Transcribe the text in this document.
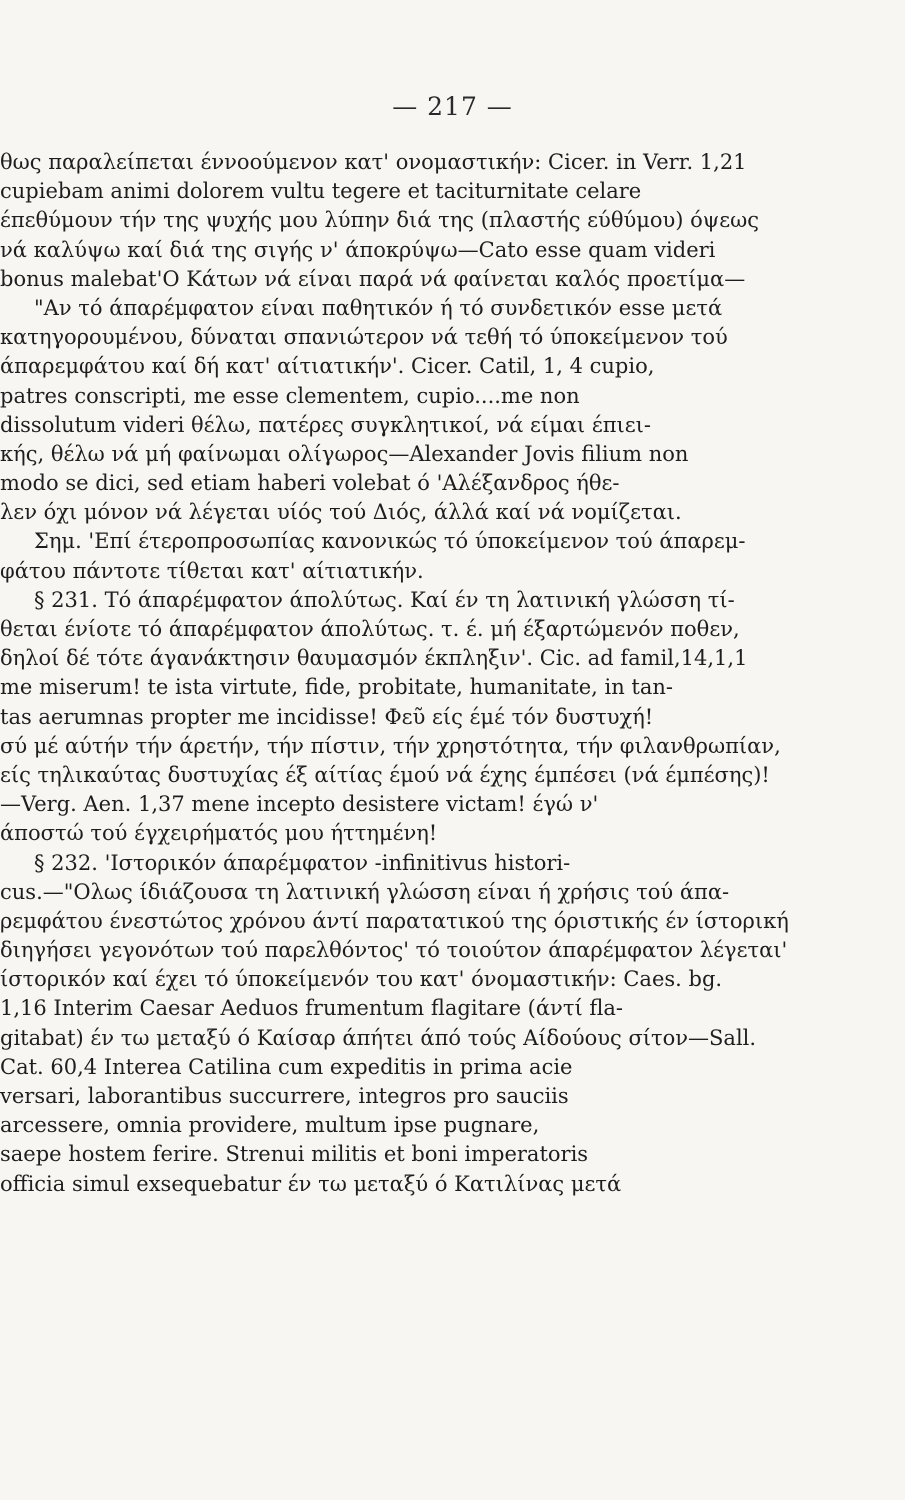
— 217 —
θως παραλείπεται έννοούμενον κατ' ονομαστικήν: Cicer. in Verr. 1,21
cupiebam animi dolorem vultu tegere et taciturnitate celare
έπεθύμουν τήν της ψυχής μου λύπην διά της (πλαστής εύθύμου) όψεως
νά καλύψω καί διά της σιγής ν' άποκρύψω—Cato esse quam videri
bonus malebat'Ο Κάτων νά είναι παρά νά φαίνεται καλός προετίμα—
"Αν τό άπαρέμφατον είναι παθητικόν ή τό συνδετικόν esse μετά
κατηγορουμένου, δύναται σπανιώτερον νά τεθή τό ύποκείμενον τού
άπαρεμφάτου καί δή κατ' αίτιατικήν'. Cicer. Catil, 1, 4 cupio,
patres conscripti, me esse clementem, cupio....me non
dissolutum videri θέλω, πατέρες συγκλητικοί, νά είμαι έπιει-
κής, θέλω νά μή φαίνωμαι ολίγωρος—Alexander Jovis filium non
modo se dici, sed etiam haberi volebat ό 'Αλέξανδρος ήθε-
λεν όχι μόνον νά λέγεται υίός τού Διός, άλλά καί νά νομίζεται.
Σημ. 'Επί έτεροπροσωπίας κανονικώς τό ύποκείμενον τού άπαρεμ-
φάτου πάντοτε τίθεται κατ' αίτιατικήν.
§ 231. Τό άπαρέμφατον άπολύτως. Καί έν τη λατινική γλώσση τί-
θεται ένίοτε τό άπαρέμφατον άπολύτως. τ. έ. μή έξαρτώμενόν ποθεν,
δηλοί δέ τότε άγανάκτησιν θαυμασμόν έκπληξιν'. Cic. ad famil,14,1,1
me miserum! te ista virtute, fide, probitate, humanitate, in tan-
tas aerumnas propter me incidisse! Φεῦ είς έμέ τόν δυστυχή!
σύ μέ αύτήν τήν άρετήν, τήν πίστιν, τήν χρηστότητα, τήν φιλανθρωπίαν,
είς τηλικαύτας δυστυχίας έξ αίτίας έμού νά έχης έμπέσει (νά έμπέσης)!
—Verg. Aen. 1,37 mene incepto desistere victam! έγώ ν'
άποστώ τού έγχειρήματός μου ήττημένη!
§ 232. 'Ιστορικόν άπαρέμφατον -infinitivus histori-
cus.—"Ολως ίδιάζουσα τη λατινική γλώσση είναι ή χρήσις τού άπα-
ρεμφάτου ένεστώτος χρόνου άντί παρατατικού της όριστικής έν ίστορική
διηγήσει γεγονότων τού παρελθόντος' τό τοιούτον άπαρέμφατον λέγεται'
ίστορικόν καί έχει τό ύποκείμενόν του κατ' όνομαστικήν: Caes. bg.
1,16 Interim Caesar Aeduos frumentum flagitare (άντί fla-
gitabat) έν τω μεταξύ ό Καίσαρ άπήτει άπό τούς Αίδούους σίτον—Sall.
Cat. 60,4 Interea Catilina cum expeditis in prima acie
versari, laborantibus succurrere, integros pro sauciis
arcessere, omnia providere, multum ipse pugnare,
saepe hostem ferire. Strenui militis et boni imperatoris
officia simul exsequebatur έν τω μεταξύ ό Κατιλίνας μετά
